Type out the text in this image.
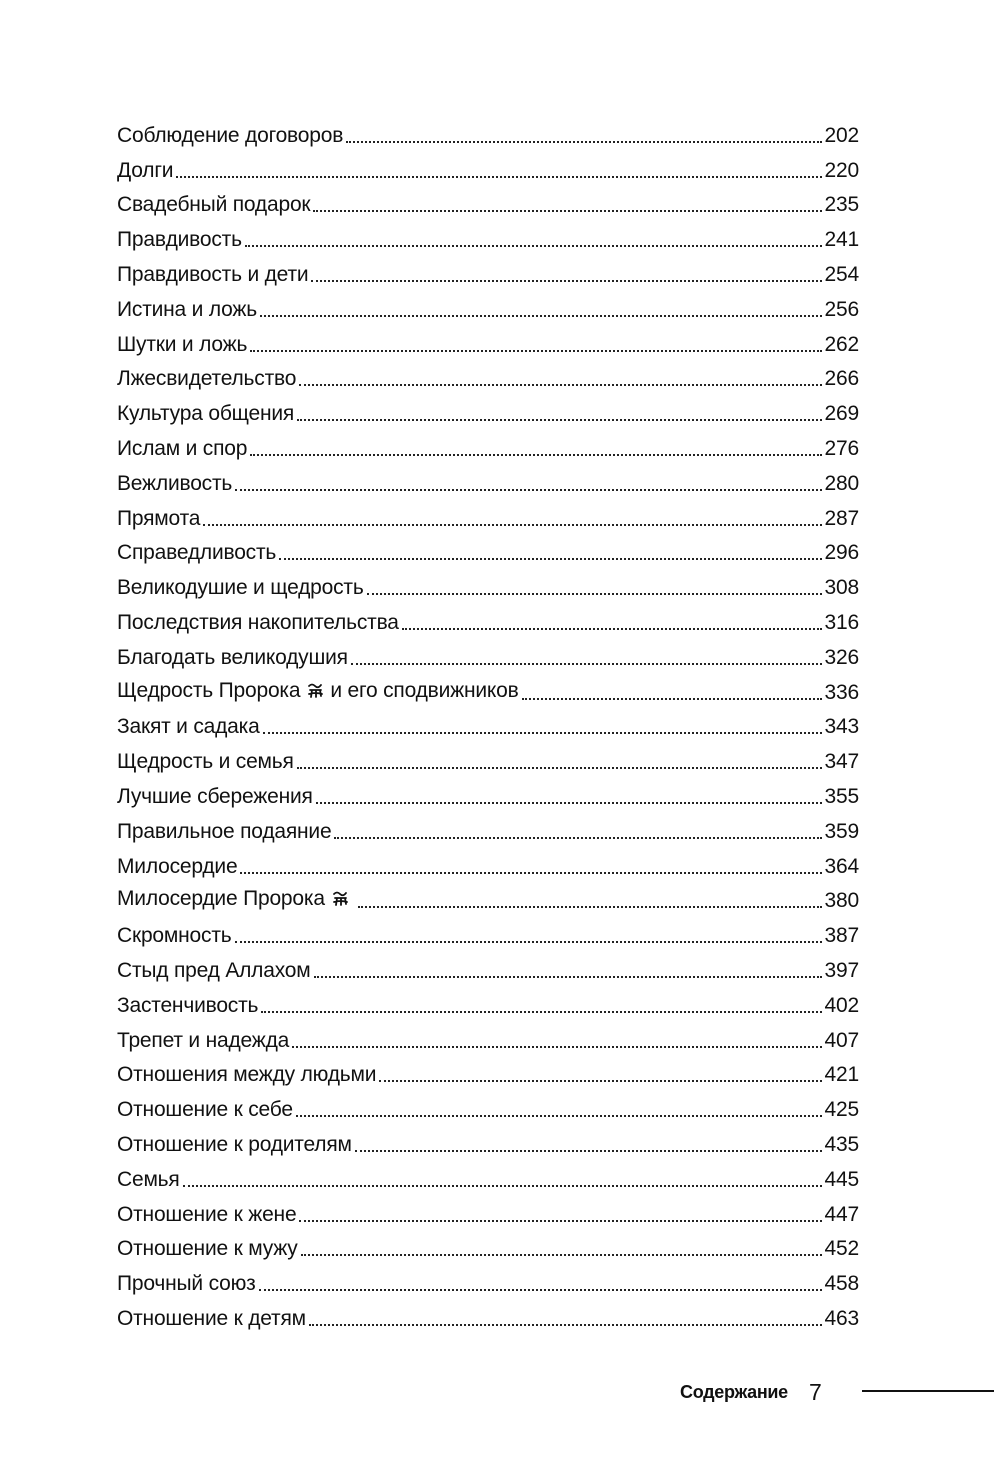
Соблюдение договоров	202
Долги	220
Свадебный подарок	235
Правдивость	241
Правдивость и дети	254
Истина и ложь	256
Шутки и ложь	262
Лжесвидетельство	266
Культура общения	269
Ислам и спор	276
Вежливость	280
Прямота	287
Справедливость	296
Великодушие и щедрость	308
Последствия накопительства	316
Благодать великодушия	326
Щедрость Пророка и его сподвижников	336
Закят и садака	343
Щедрость и семья	347
Лучшие сбережения	355
Правильное подаяние	359
Милосердие	364
Милосердие Пророка	380
Скромность	387
Стыд пред Аллахом	397
Застенчивость	402
Трепет и надежда	407
Отношения между людьми	421
Отношение к себе	425
Отношение к родителям	435
Семья	445
Отношение к жене	447
Отношение к мужу	452
Прочный союз	458
Отношение к детям	463
Содержание 7
